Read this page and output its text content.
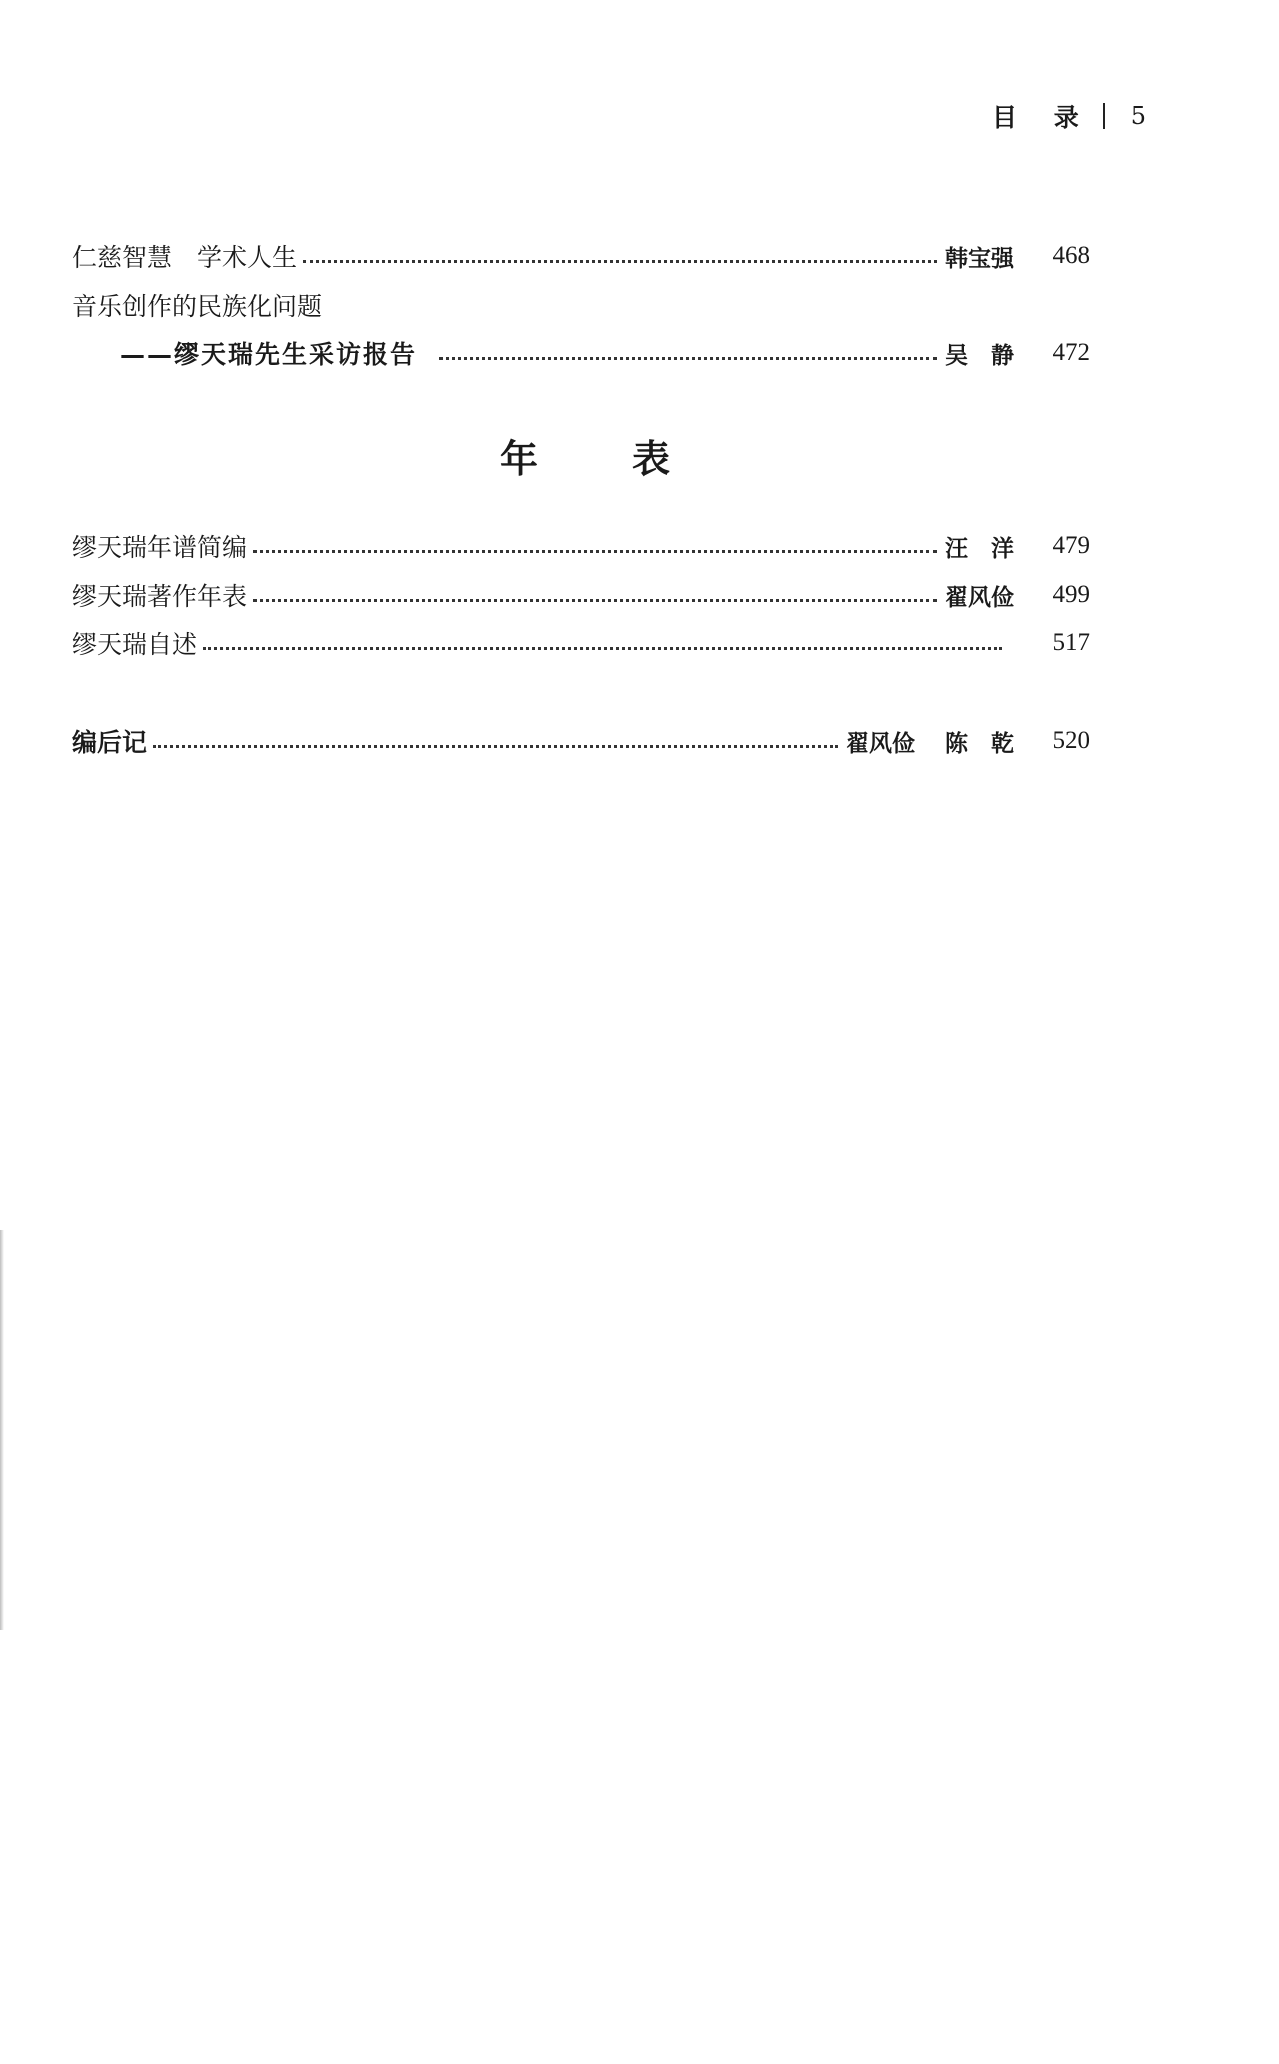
目 录 5
仁慈智慧　学术人生	韩宝强	468
音乐创作的民族化问题
——缪天瑞先生采访报告	吴　静	472
年 表
缪天瑞年谱简编	汪　洋	479
缪天瑞著作年表	翟风俭	499
缪天瑞自述	517
编后记	翟风俭 陈　乾	520
